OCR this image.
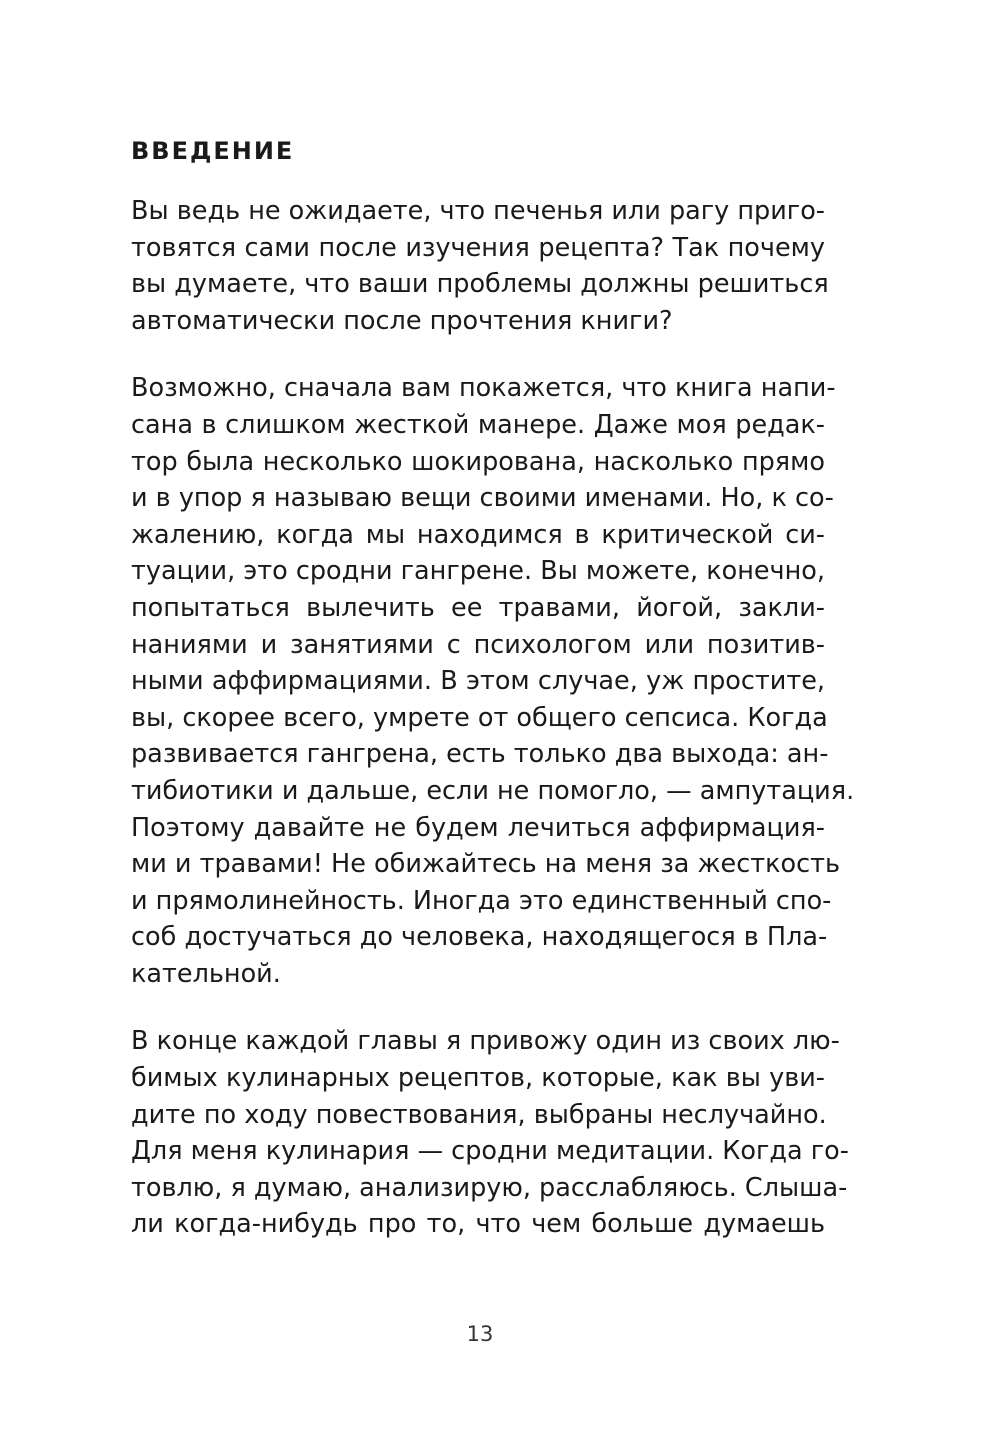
ВВЕДЕНИЕ

Вы ведь не ожидаете, что печенья или рагу приго-
товятся сами после изучения рецепта? Так почему
вы думаете, что ваши проблемы должны решиться
автоматически после прочтения книги?

Возможно, сначала вам покажется, что книга напи-
сана в слишком жесткой манере. Даже моя редак-
тор была несколько шокирована, насколько прямо
и в упор я называю вещи своими именами. Но, к со-
жалению, когда мы находимся в критической си-
туации, это сродни гангрене. Вы можете, конечно,
попытаться вылечить ее травами, йогой, закли-
наниями и занятиями с психологом или позитив-
ными аффирмациями. В этом случае, уж простите,
вы, скорее всего, умрете от общего сепсиса. Когда
развивается гангрена, есть только два выхода: ан-
тибиотики и дальше, если не помогло, — ампутация.
Поэтому давайте не будем лечиться аффирмация-
ми и травами! Не обижайтесь на меня за жесткость
и прямолинейность. Иногда это единственный спо-
соб достучаться до человека, находящегося в Пла-
кательной.

В конце каждой главы я привожу один из своих лю-
бимых кулинарных рецептов, которые, как вы уви-
дите по ходу повествования, выбраны неслучайно.
Для меня кулинария — сродни медитации. Когда го-
товлю, я думаю, анализирую, расслабляюсь. Слыша-
ли когда-нибудь про то, что чем больше думаешь

13
